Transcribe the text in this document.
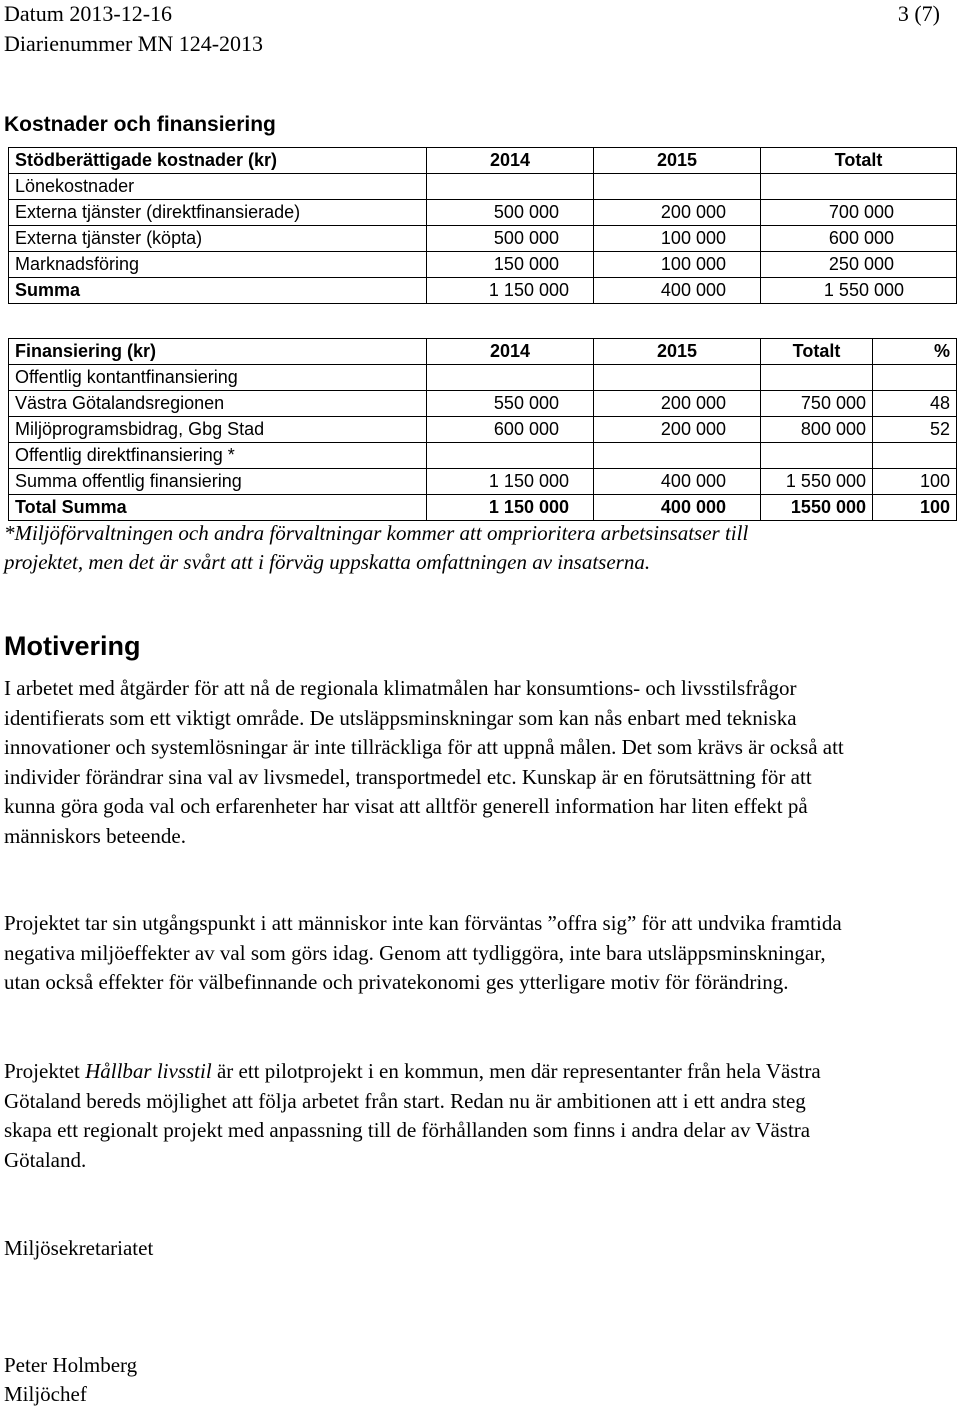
Datum 2013-12-16
Diarienummer MN 124-2013
3 (7)
Kostnader och finansiering
Stödberättigade kostnader (kr)	2014	2015	Totalt
Lönekostnader			
Externa tjänster (direktfinansierade)	500 000	200 000	700 000
Externa tjänster (köpta)	500 000	100 000	600 000
Marknadsföring	150 000	100 000	250 000
Summa	1 150 000	400 000	1 550 000
Finansiering (kr)	2014	2015	Totalt	%
Offentlig kontantfinansiering				
Västra Götalandsregionen	550 000	200 000	750 000	48
Miljöprogramsbidrag, Gbg Stad	600 000	200 000	800 000	52
Offentlig direktfinansiering *				
Summa offentlig finansiering	1 150 000	400 000	1 550 000	100
Total Summa	1 150 000	400 000	1550 000	100
*Miljöförvaltningen och andra förvaltningar kommer att omprioritera arbetsinsatser till projektet, men det är svårt att i förväg uppskatta omfattningen av insatserna.
Motivering
I arbetet med åtgärder för att nå de regionala klimatmålen har konsumtions- och livsstilsfrågor identifierats som ett viktigt område. De utsläppsminskningar som kan nås enbart med tekniska innovationer och systemlösningar är inte tillräckliga för att uppnå målen. Det som krävs är också att individer förändrar sina val av livsmedel, transportmedel etc. Kunskap är en förutsättning för att kunna göra goda val och erfarenheter har visat att alltför generell information har liten effekt på människors beteende.
Projektet tar sin utgångspunkt i att människor inte kan förväntas ”offra sig” för att undvika framtida negativa miljöeffekter av val som görs idag. Genom att tydliggöra, inte bara utsläppsminskningar, utan också effekter för välbefinnande och privatekonomi ges ytterligare motiv för förändring.
Projektet Hållbar livsstil är ett pilotprojekt i en kommun, men där representanter från hela Västra Götaland bereds möjlighet att följa arbetet från start. Redan nu är ambitionen att i ett andra steg skapa ett regionalt projekt med anpassning till de förhållanden som finns i andra delar av Västra Götaland.
Miljösekretariatet
Peter Holmberg
Miljöchef
